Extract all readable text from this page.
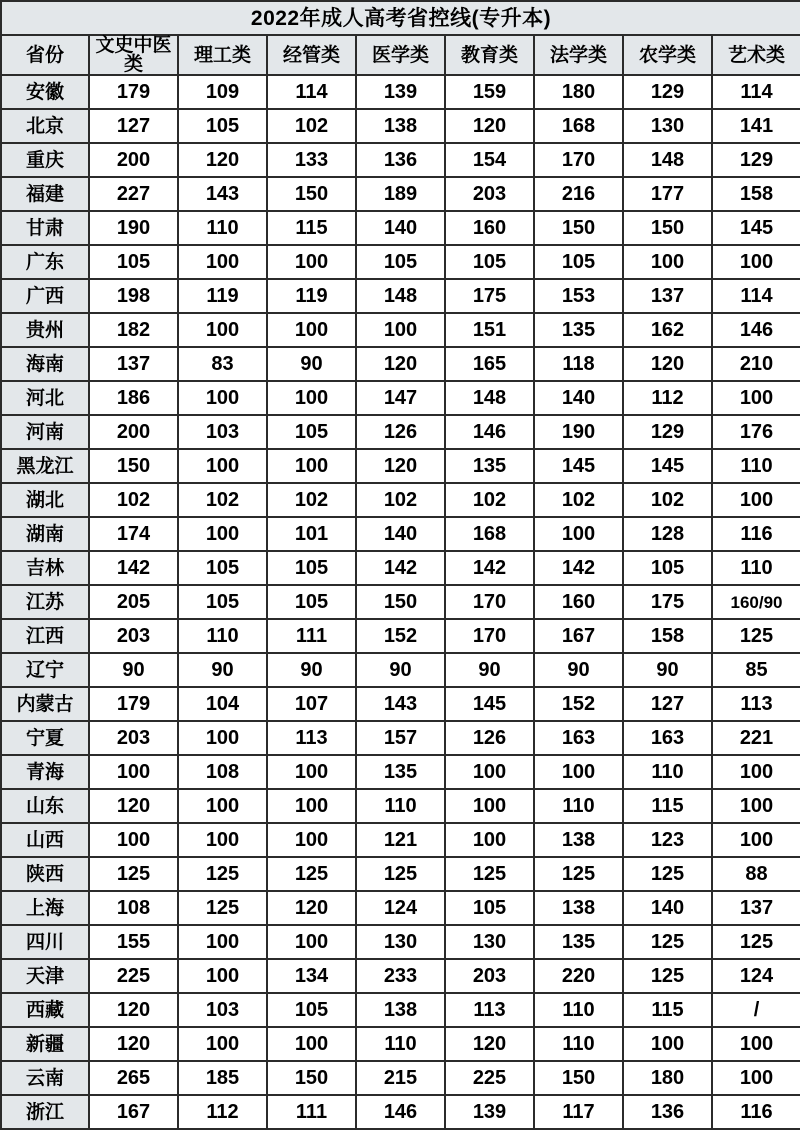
2022年成人高考省控线(专升本)								
省份	文史中医类	理工类	经管类	医学类	教育类	法学类	农学类	艺术类
安徽	179	109	114	139	159	180	129	114
北京	127	105	102	138	120	168	130	141
重庆	200	120	133	136	154	170	148	129
福建	227	143	150	189	203	216	177	158
甘肃	190	110	115	140	160	150	150	145
广东	105	100	100	105	105	105	100	100
广西	198	119	119	148	175	153	137	114
贵州	182	100	100	100	151	135	162	146
海南	137	83	90	120	165	118	120	210
河北	186	100	100	147	148	140	112	100
河南	200	103	105	126	146	190	129	176
黑龙江	150	100	100	120	135	145	145	110
湖北	102	102	102	102	102	102	102	100
湖南	174	100	101	140	168	100	128	116
吉林	142	105	105	142	142	142	105	110
江苏	205	105	105	150	170	160	175	160/90
江西	203	110	111	152	170	167	158	125
辽宁	90	90	90	90	90	90	90	85
内蒙古	179	104	107	143	145	152	127	113
宁夏	203	100	113	157	126	163	163	221
青海	100	108	100	135	100	100	110	100
山东	120	100	100	110	100	110	115	100
山西	100	100	100	121	100	138	123	100
陕西	125	125	125	125	125	125	125	88
上海	108	125	120	124	105	138	140	137
四川	155	100	100	130	130	135	125	125
天津	225	100	134	233	203	220	125	124
西藏	120	103	105	138	113	110	115	/
新疆	120	100	100	110	120	110	100	100
云南	265	185	150	215	225	150	180	100
浙江	167	112	111	146	139	117	136	116
